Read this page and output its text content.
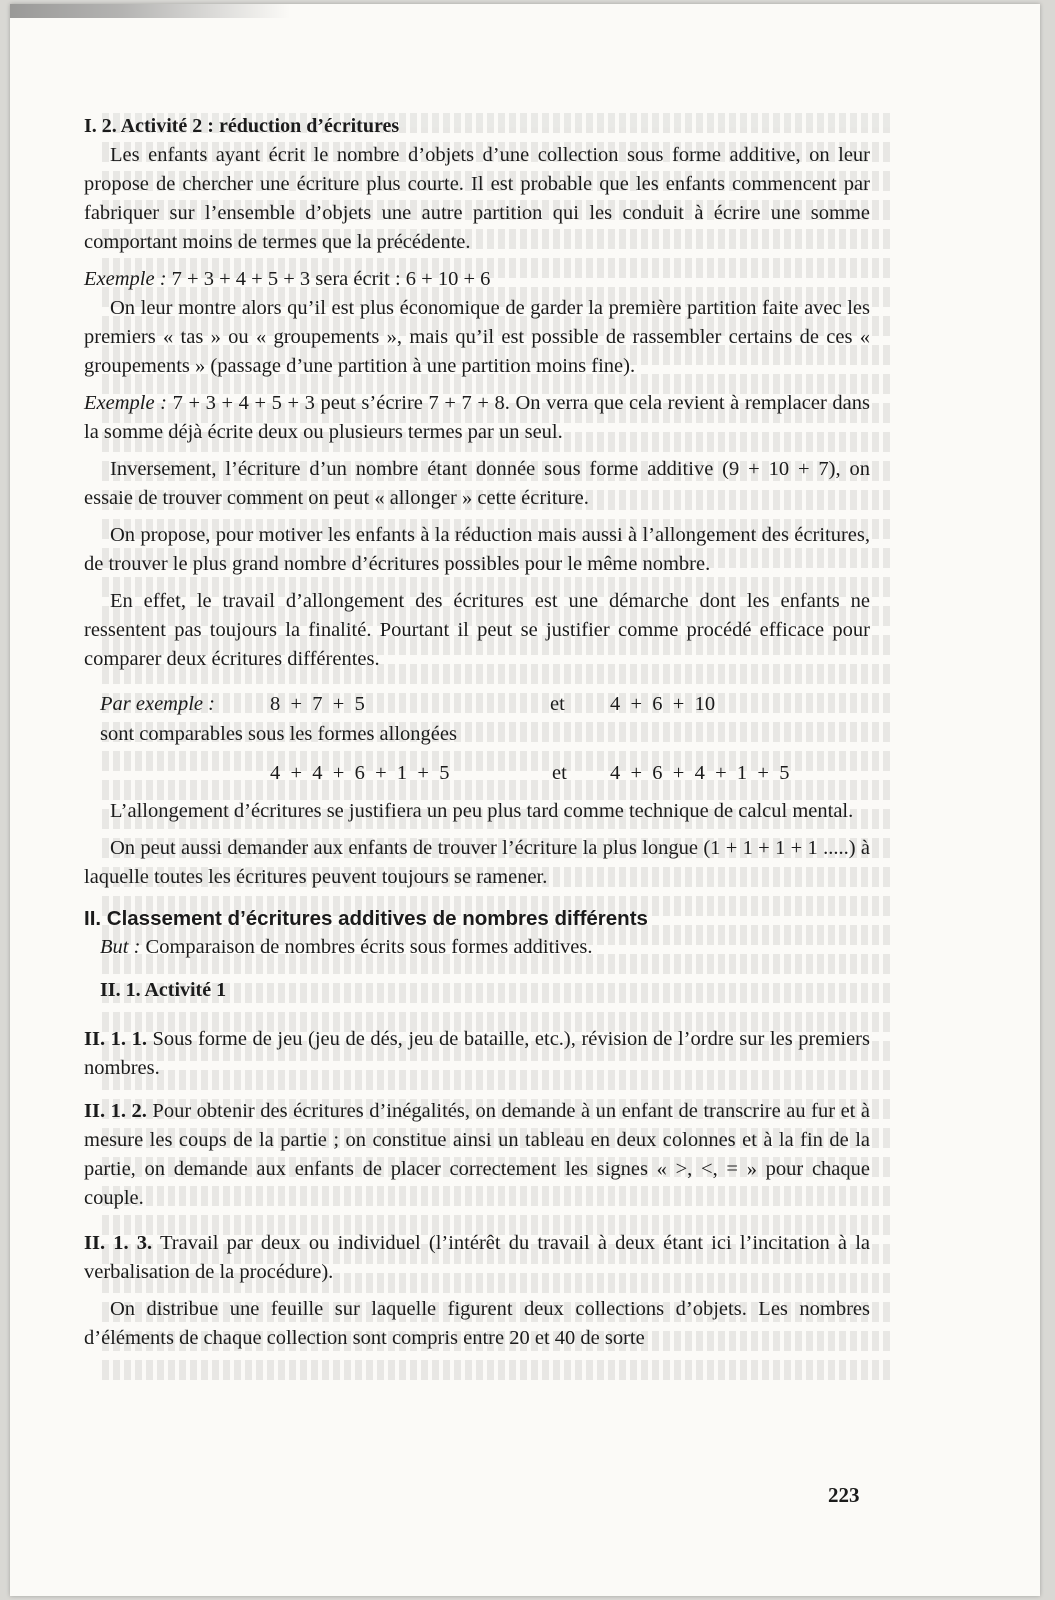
I. 2. Activité 2 : réduction d’écritures

Les enfants ayant écrit le nombre d’objets d’une collection sous forme additive, on leur propose de chercher une écriture plus courte. Il est probable que les enfants commencent par fabriquer sur l’ensemble d’objets une autre partition qui les conduit à écrire une somme comportant moins de termes que la précédente.

Exemple : 7 + 3 + 4 + 5 + 3 sera écrit : 6 + 10 + 6

On leur montre alors qu’il est plus économique de garder la première partition faite avec les premiers « tas » ou « groupements », mais qu’il est possible de rassembler certains de ces « groupements » (passage d’une partition à une partition moins fine).

Exemple : 7 + 3 + 4 + 5 + 3 peut s’écrire 7 + 7 + 8. On verra que cela revient à remplacer dans la somme déjà écrite deux ou plusieurs termes par un seul.

Inversement, l’écriture d’un nombre étant donnée sous forme additive (9 + 10 + 7), on essaie de trouver comment on peut « allonger » cette écriture.

On propose, pour motiver les enfants à la réduction mais aussi à l’allongement des écritures, de trouver le plus grand nombre d’écritures possibles pour le même nombre.

En effet, le travail d’allongement des écritures est une démarche dont les enfants ne ressentent pas toujours la finalité. Pourtant il peut se justifier comme procédé efficace pour comparer deux écritures différentes.

Par exemple :	8  +  7  +  5	et 4  +  6  +  10

sont comparables sous les formes allongées

4  +  4  +  6  +  1  +  5	et 4  +  6  +  4  +  1  +  5

L’allongement d’écritures se justifiera un peu plus tard comme technique de calcul mental.

On peut aussi demander aux enfants de trouver l’écriture la plus longue (1 + 1 + 1 + 1 .....) à laquelle toutes les écritures peuvent toujours se ramener.

II. Classement d’écritures additives de nombres différents

But : Comparaison de nombres écrits sous formes additives.

II. 1. Activité 1

II. 1. 1. Sous forme de jeu (jeu de dés, jeu de bataille, etc.), révision de l’ordre sur les premiers nombres.

II. 1. 2. Pour obtenir des écritures d’inégalités, on demande à un enfant de transcrire au fur et à mesure les coups de la partie ; on constitue ainsi un tableau en deux colonnes et à la fin de la partie, on demande aux enfants de placer correctement les signes « >, <, = » pour chaque couple.

II. 1. 3. Travail par deux ou individuel (l’intérêt du travail à deux étant ici l’incitation à la verbalisation de la procédure).

On distribue une feuille sur laquelle figurent deux collections d’objets. Les nombres d’éléments de chaque collection sont compris entre 20 et 40 de sorte

223
